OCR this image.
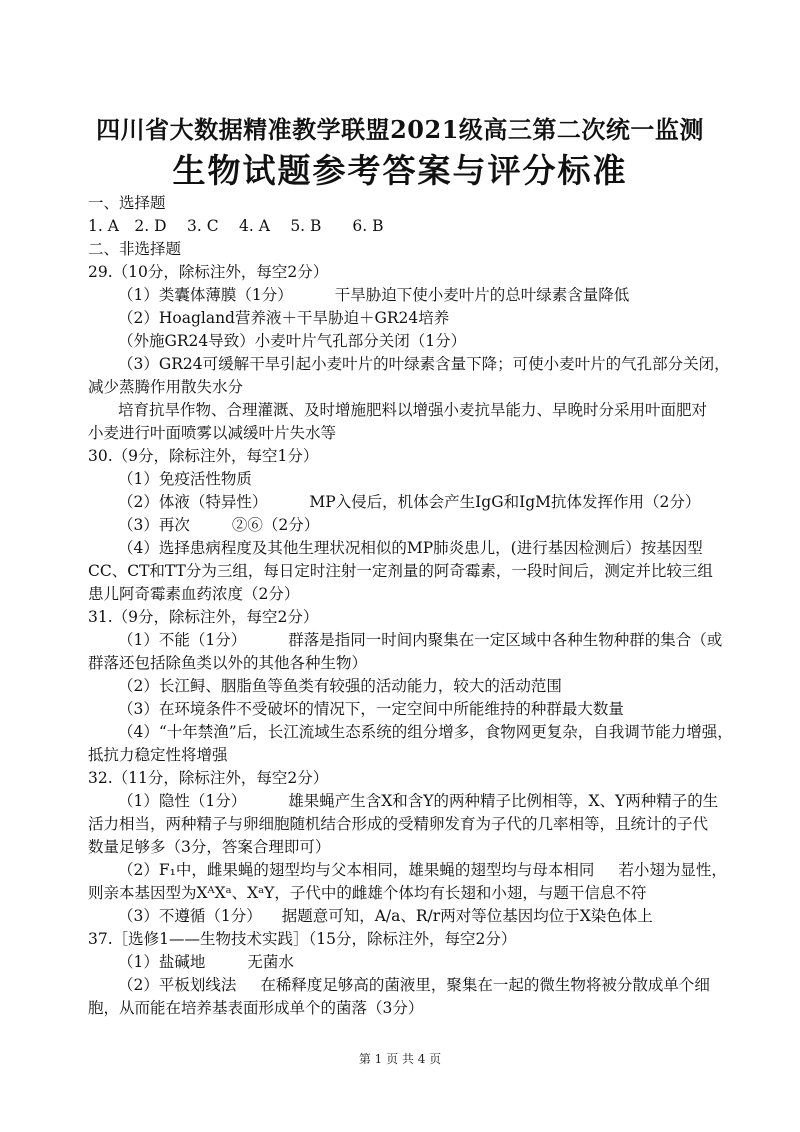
四川省大数据精准教学联盟2021级高三第二次统一监测
生物试题参考答案与评分标准
一、选择题
1. A　2. D　 3. C　 4. A　 5. B　　6. B
二、非选择题
29.（10分，除标注外，每空2分）
（1）类囊体薄膜（1分）	干旱胁迫下使小麦叶片的总叶绿素含量降低
（2）Hoagland营养液＋干旱胁迫＋GR24培养
（外施GR24导致）小麦叶片气孔部分关闭（1分）
（3）GR24可缓解干旱引起小麦叶片的叶绿素含量下降；可使小麦叶片的气孔部分关闭，
减少蒸腾作用散失水分
培育抗旱作物、合理灌溉、及时增施肥料以增强小麦抗旱能力、早晚时分采用叶面肥对
小麦进行叶面喷雾以减缓叶片失水等
30.（9分，除标注外，每空1分）
（1）免疫活性物质
（2）体液（特异性）	MP入侵后，机体会产生IgG和IgM抗体发挥作用（2分）
（3）再次	②⑥（2分）
（4）选择患病程度及其他生理状况相似的MP肺炎患儿，(进行基因检测后）按基因型
CC、CT和TT分为三组，每日定时注射一定剂量的阿奇霉素，一段时间后，测定并比较三组
患儿阿奇霉素血药浓度（2分）
31.（9分，除标注外，每空2分）
（1）不能（1分）	群落是指同一时间内聚集在一定区域中各种生物种群的集合（或
群落还包括除鱼类以外的其他各种生物）
（2）长江鲟、胭脂鱼等鱼类有较强的活动能力，较大的活动范围
（3）在环境条件不受破坏的情况下，一定空间中所能维持的种群最大数量
（4）“十年禁渔”后，长江流域生态系统的组分增多，食物网更复杂，自我调节能力增强，
抵抗力稳定性将增强
32.（11分，除标注外，每空2分）
（1）隐性（1分）	雄果蝇产生含X和含Y的两种精子比例相等，X、Y两种精子的生
活力相当，两种精子与卵细胞随机结合形成的受精卵发育为子代的几率相等，且统计的子代
数量足够多（3分，答案合理即可）
（2）F₁中，雌果蝇的翅型均与父本相同，雄果蝇的翅型均与母本相同 若小翅为显性，
则亲本基因型为XᴬXᵃ、XᵃY，子代中的雌雄个体均有长翅和小翅，与题干信息不符
（3）不遵循（1分） 据题意可知，A/a、R/r两对等位基因均位于X染色体上
37.［选修1——生物技术实践］（15分，除标注外，每空2分）
（1）盐碱地	无菌水
（2）平板划线法 在稀释度足够高的菌液里，聚集在一起的微生物将被分散成单个细
胞，从而能在培养基表面形成单个的菌落（3分）
第 1 页 共 4 页
